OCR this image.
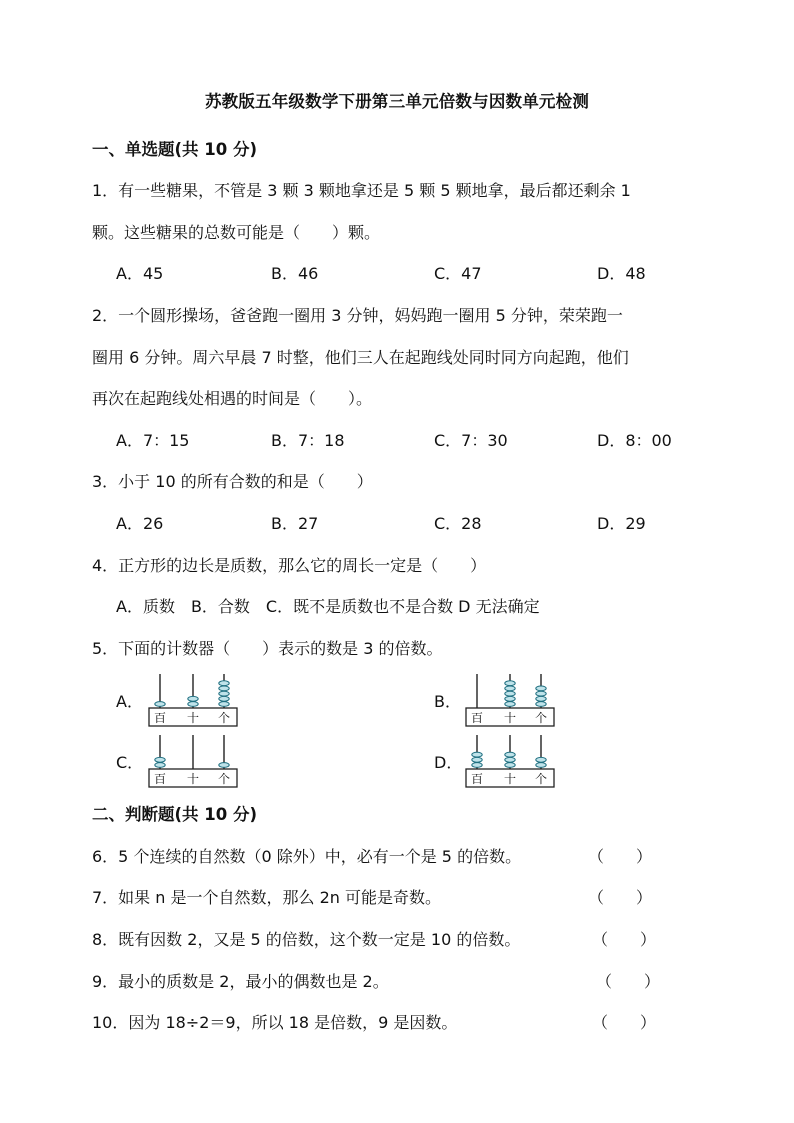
苏教版五年级数学下册第三单元倍数与因数单元检测
一、单选题(共 10 分)
1．有一些糖果，不管是 3 颗 3 颗地拿还是 5 颗 5 颗地拿，最后都还剩余 1
颗。这些糖果的总数可能是（　　）颗。
A．45	B．46	C．47	D．48
2．一个圆形操场，爸爸跑一圈用 3 分钟，妈妈跑一圈用 5 分钟，荣荣跑一
圈用 6 分钟。周六早晨 7 时整，他们三人在起跑线处同时同方向起跑，他们
再次在起跑线处相遇的时间是（　　）。
A．7：15	B．7：18	C．7：30	D．8：00
3．小于 10 的所有合数的和是（　　）
A．26	B．27	C．28	D．29
4．正方形的边长是质数，那么它的周长一定是（　　）
A．质数　B．合数　C．既不是质数也不是合数 D 无法确定
5．下面的计数器（　　）表示的数是 3 的倍数。
A．	B．
C．	D．
百 十 个	百 十 个
百 十 个	百 十 个
二、判断题(共 10 分)
6．5 个连续的自然数（0 除外）中，必有一个是 5 的倍数。	（　　）
7．如果 n 是一个自然数，那么 2n 可能是奇数。	（　　）
8．既有因数 2，又是 5 的倍数，这个数一定是 10 的倍数。	（　　）
9．最小的质数是 2，最小的偶数也是 2。	（　　）
10．因为 18÷2＝9，所以 18 是倍数，9 是因数。	（　　）
